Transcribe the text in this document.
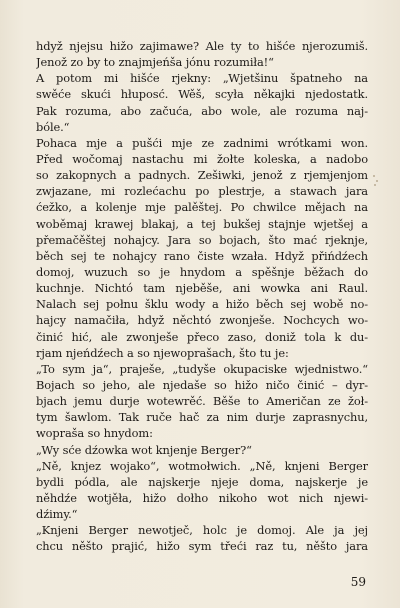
hdyž njejsu hižo zajimawe? Ale ty to hišće njerozumiš.
Jenož zo by to znajmjeńša jónu rozumiła!“
A potom mi hišće rjekny: „Wjetšinu špatneho na
swěće skući hłuposć. Wěš, scyła někajki njedostatk.
Pak rozuma, abo začuća, abo wole, ale rozuma naj-
bóle.“
Pohaca mje a pušći mje ze zadnimi wrótkami won.
Před wočomaj nastachu mi žołte koleska, a nadobo
so zakopnych a padnych. Zešiwki, jenož z rjemjenjom
zwjazane, mi rozlećachu po plestrje, a stawach jara
ćežko, a kolenje mje palěštej. Po chwilce mějach na
woběmaj krawej blakaj, a tej bukšej stajnje wjetšej a
přemačěštej nohajcy. Jara so bojach, što mać rjeknje,
běch sej te nohajcy rano čiste wzała. Hdyž přińdźech
domoj, wuzuch so je hnydom a spěšnje běžach do
kuchnje. Nichtó tam njeběše, ani wowka ani Raul.
Nalach sej połnu šklu wody a hižo běch sej wobě no-
hajcy namačiła, hdyž něchtó zwonješe. Nochcych wo-
činić hić, ale zwonješe přeco zaso, doniž tola k du-
rjam njeńdźech a so njewoprašach, što tu je:
„To sym ja“, praješe, „tudyše okupaciske wjednistwo.“
Bojach so jeho, ale njedaše so hižo ničo činić – dyr-
bjach jemu durje wotewrěć. Běše to Američan ze žoł-
tym šawlom. Tak ruče hač za nim durje zaprasnychu,
wopraša so hnydom:
„Wy sće dźowka wot knjenje Berger?“
„Ně, knjez wojako“, wotmołwich. „Ně, knjeni Berger
bydli pódla, ale najskerje njeje doma, najskerje je
něhdźe wotjěła, hižo dołho nikoho wot nich njewi-
dźimy.“
„Knjeni Berger newotječ, holc je domoj. Ale ja jej
chcu něšto prajić, hižo sym třeći raz tu, něšto jara
59
